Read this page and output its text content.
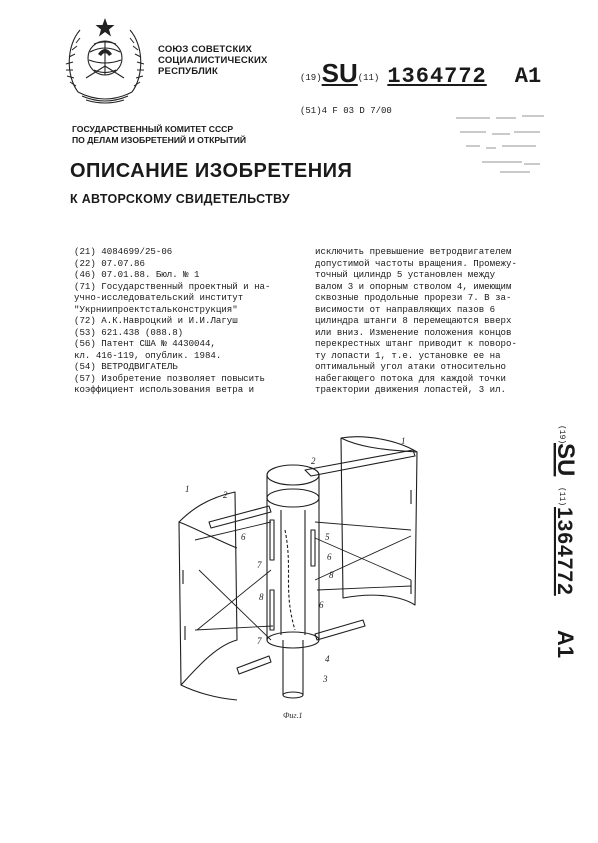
СОЮЗ СОВЕТСКИХ
СОЦИАЛИСТИЧЕСКИХ
РЕСПУБЛИК
(19)SU(11) 1364772 A1
(51)4 F 03 D 7/00
ГОСУДАРСТВЕННЫЙ КОМИТЕТ СССР
ПО ДЕЛАМ ИЗОБРЕТЕНИЙ И ОТКРЫТИЙ
ОПИСАНИЕ ИЗОБРЕТЕНИЯ
К АВТОРСКОМУ СВИДЕТЕЛЬСТВУ
(21) 4084699/25-06
(22) 07.07.86
(46) 07.01.88. Бюл. № 1
(71) Государственный проектный и на-
учно-исследовательский институт
"Укрниипроектстальконструкция"
(72) А.К.Навроцкий и И.И.Лагуш
(53) 621.438 (088.8)
(56) Патент США № 4430044,
кл. 416-119, опублик. 1984.
(54) ВЕТРОДВИГАТЕЛЬ
(57) Изобретение позволяет повысить
коэффициент использования ветра и
исключить превышение ветродвигателем
допустимой частоты вращения. Промежу-
точный цилиндр 5 установлен между
валом 3 и опорным стволом 4, имеющим
сквозные продольные прорези 7. В за-
висимости от направляющих пазов 6
цилиндра штанги 8 перемещаются вверх
или вниз. Изменение положения концов
перекрестных штанг приводит к поворо-
ту лопасти 1, т.е. установке ее на
оптимальный угол атаки относительно
набегающего потока для каждой точки
траектории движения лопастей, 3 ил.
1
1
2
2
3
4
5
6
6
6
7
7
8
8
Фиг.1
(19)
SU
(11)
1364772
A1
